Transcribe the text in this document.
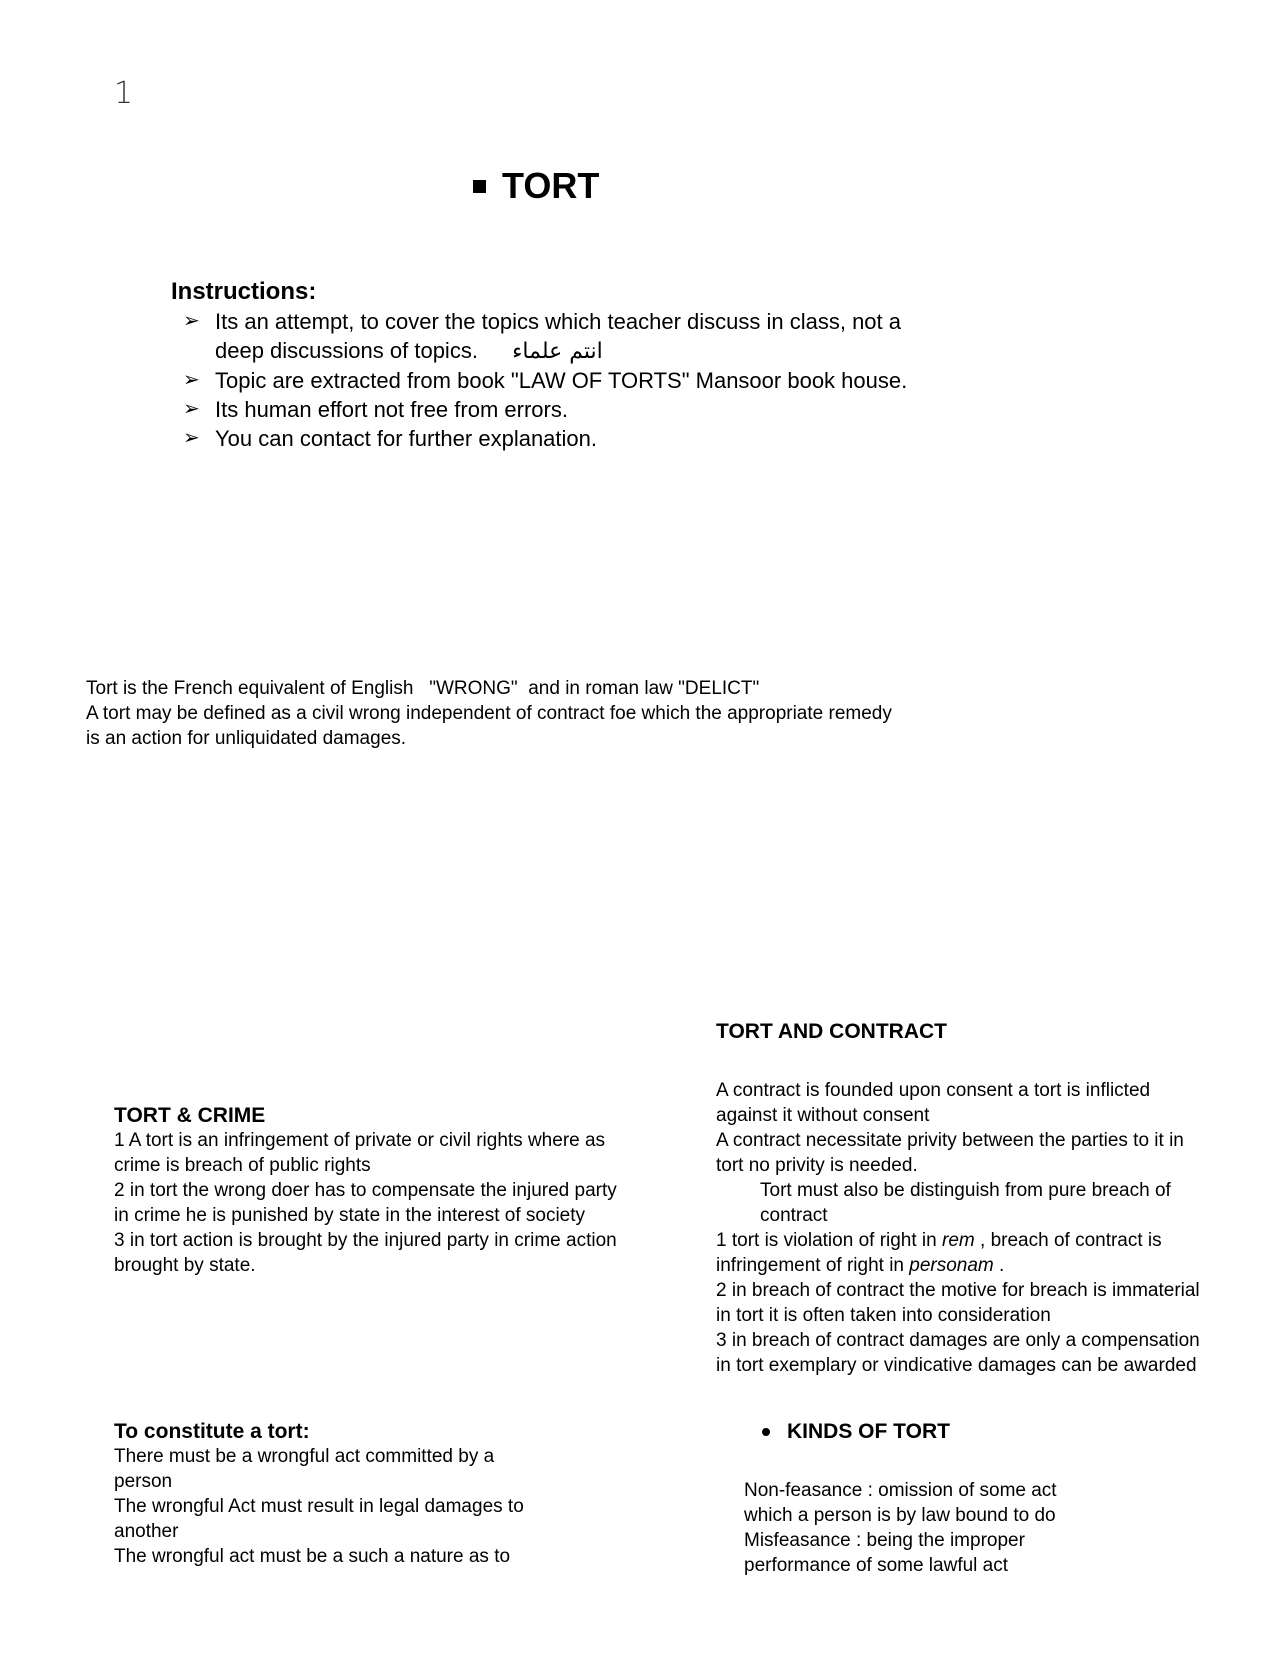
1
TORT
Instructions:
➢ Its an attempt, to cover the topics which teacher discuss in class, not a deep discussions of topics. انتم علماء
➢ Topic are extracted from book "LAW OF TORTS" Mansoor book house.
➢ Its human effort not free from errors.
➢ You can contact for further explanation.
Tort is the French equivalent of English   "WRONG"  and in roman law "DELICT"
A tort may be defined as a civil wrong independent of contract foe which the appropriate remedy is an action for unliquidated damages.
TORT AND CONTRACT
A contract is founded upon consent a tort is inflicted against it without consent
A contract necessitate privity between the parties to it in tort no privity is needed.
Tort must also be distinguish from pure breach of contract
1 tort is violation of right in rem , breach of contract is infringement of right in personam .
2 in breach of contract the motive for breach is immaterial in tort it is often taken into consideration
3 in breach of contract damages are only a compensation in tort exemplary or vindicative damages can be awarded
TORT & CRIME
1 A tort is an infringement of private or civil rights where as crime is breach of public rights
2 in tort the wrong doer has to compensate the injured party in crime he is punished by state in the interest of society
3 in tort action is brought by the injured party in crime action brought by state.
To constitute a tort:
There must be a wrongful act committed by a person
The wrongful Act must result in legal damages to another
The wrongful act must be a such a nature as to
KINDS OF TORT
Non-feasance : omission of some act which a person is by law bound to do
Misfeasance : being the improper performance of some lawful act
